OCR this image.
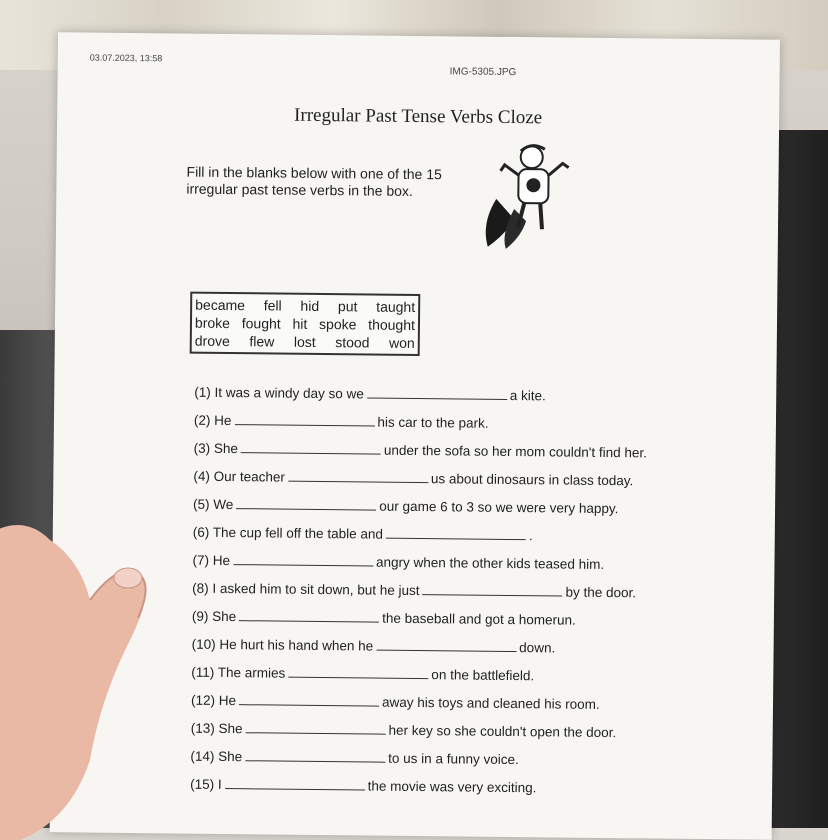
03.07.2023, 13:58
IMG-5305.JPG
Irregular Past Tense Verbs Cloze
Fill in the blanks below with one of the 15 irregular past tense verbs in the box.
became fell hid put taught
broke fought hit spoke thought
drove flew lost stood won
(1) It was a windy day so we	a kite.
(2) He	his car to the park.
(3) She	under the sofa so her mom couldn't find her.
(4) Our teacher	us about dinosaurs in class today.
(5) We	our game 6 to 3 so we were very happy.
(6) The cup fell off the table and	.
(7) He	angry when the other kids teased him.
(8) I asked him to sit down, but he just	by the door.
(9) She	the baseball and got a homerun.
(10) He hurt his hand when he	down.
(11) The armies	on the battlefield.
(12) He	away his toys and cleaned his room.
(13) She	her key so she couldn't open the door.
(14) She	to us in a funny voice.
(15) I	the movie was very exciting.
